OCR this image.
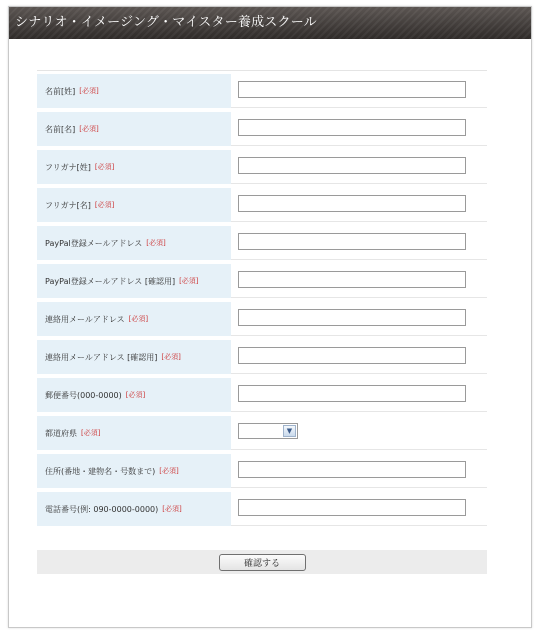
シナリオ・イメージング・マイスター養成スクール
名前[姓] [必須]
名前[名] [必須]
フリガナ[姓] [必須]
フリガナ[名] [必須]
PayPal登録メールアドレス [必須]
PayPal登録メールアドレス [確認用] [必須]
連絡用メールアドレス [必須]
連絡用メールアドレス [確認用] [必須]
郵便番号(000-0000) [必須]
都道府県 [必須]	▼
住所(番地・建物名・号数まで) [必須]
電話番号(例: 090-0000-0000) [必須]
確認する
